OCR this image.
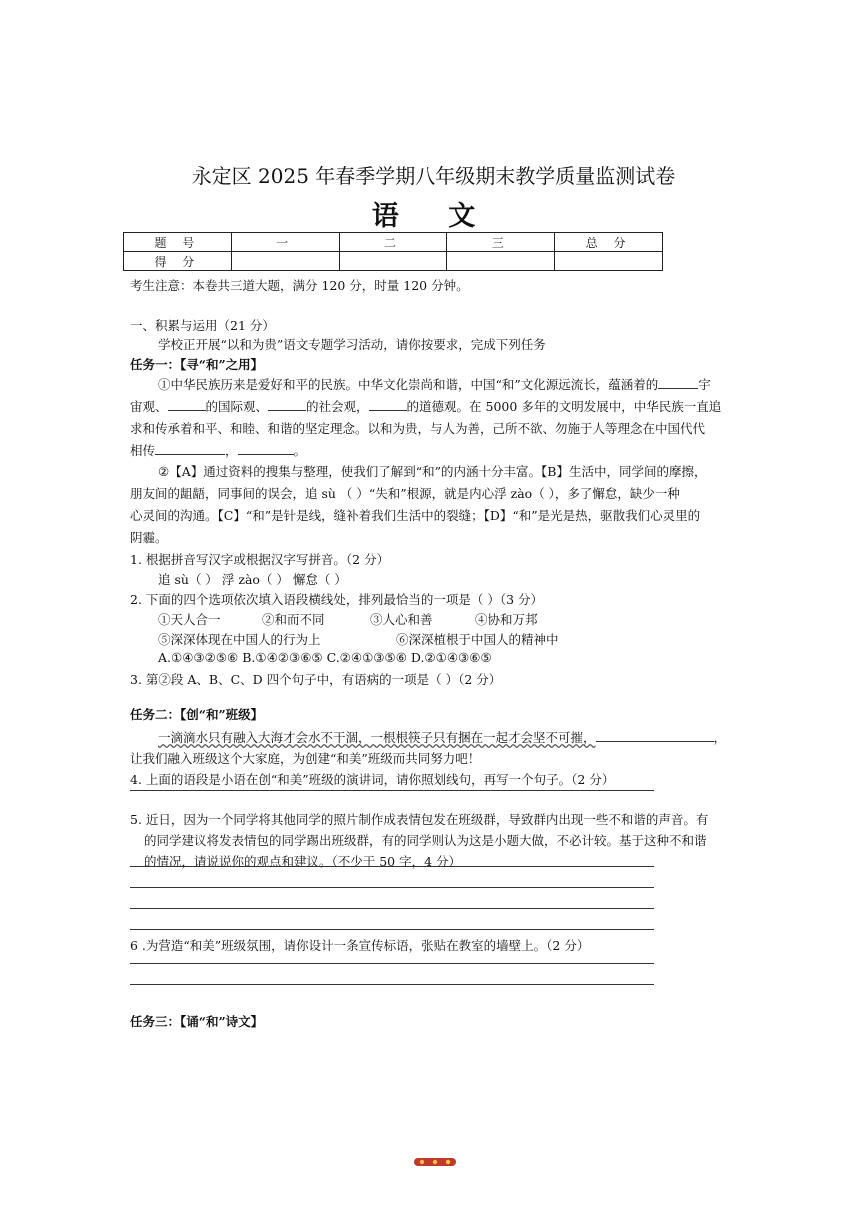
永定区 2025 年春季学期八年级期末教学质量监测试卷
语 文
题 号	一	二	三	总 分
得 分				
考生注意：本卷共三道大题，满分 120 分，时量 120 分钟。
一、积累与运用（21 分）
学校正开展“以和为贵”语文专题学习活动，请你按要求，完成下列任务
任务一：【寻“和”之用】
①中华民族历来是爱好和平的民族。中华文化崇尚和谐，中国“和”文化源远流长，蕴涵着的	宇
宙观、	的国际观、	的社会观，	的道德观。在 5000 多年的文明发展中，中华民族一直追
求和传承着和平、和睦、和谐的坚定理念。以和为贵，与人为善，己所不欲、勿施于人等理念在中国代代
相传	，	。
②【A】通过资料的搜集与整理，使我们了解到“和”的内涵十分丰富。【B】生活中，同学间的摩擦，
朋友间的龃龉，同事间的误会，追 sù （ ）“失和”根源，就是内心浮 zào（ ），多了懈怠，缺少一种
心灵间的沟通。【C】“和”是针是线，缝补着我们生活中的裂缝；【D】“和”是光是热，驱散我们心灵里的
阴霾。
1. 根据拼音写汉字或根据汉字写拼音。（2 分）
追 sù（ ） 浮 zào（ ） 懈怠（ ）
2. 下面的四个选项依次填入语段横线处，排列最恰当的一项是（ ）（3 分）
①天人合一	②和而不同	③人心和善	④协和万邦
⑤深深体现在中国人的行为上	⑥深深植根于中国人的精神中
A.①④③②⑤⑥ B.①④②③⑥⑤ C.②④①③⑤⑥ D.②①④③⑥⑤
3. 第②段 A、B、C、D 四个句子中，有语病的一项是（ ）（2 分）
任务二：【创“和”班级】
一滴滴水只有融入大海才会水不干涸，一根根筷子只有捆在一起才会坚不可摧，	，
让我们融入班级这个大家庭，为创建“和美”班级而共同努力吧！
4. 上面的语段是小语在创“和美”班级的演讲词，请你照划线句，再写一个句子。（2 分）
5. 近日，因为一个同学将其他同学的照片制作成表情包发在班级群，导致群内出现一些不和谐的声音。有
的同学建议将发表情包的同学踢出班级群，有的同学则认为这是小题大做，不必计较。基于这种不和谐
的情况，请说说你的观点和建议。（不少于 50 字，4 分）
6 .为营造“和美”班级氛围，请你设计一条宣传标语，张贴在教室的墙壁上。（2 分）
任务三：【诵“和”诗文】
